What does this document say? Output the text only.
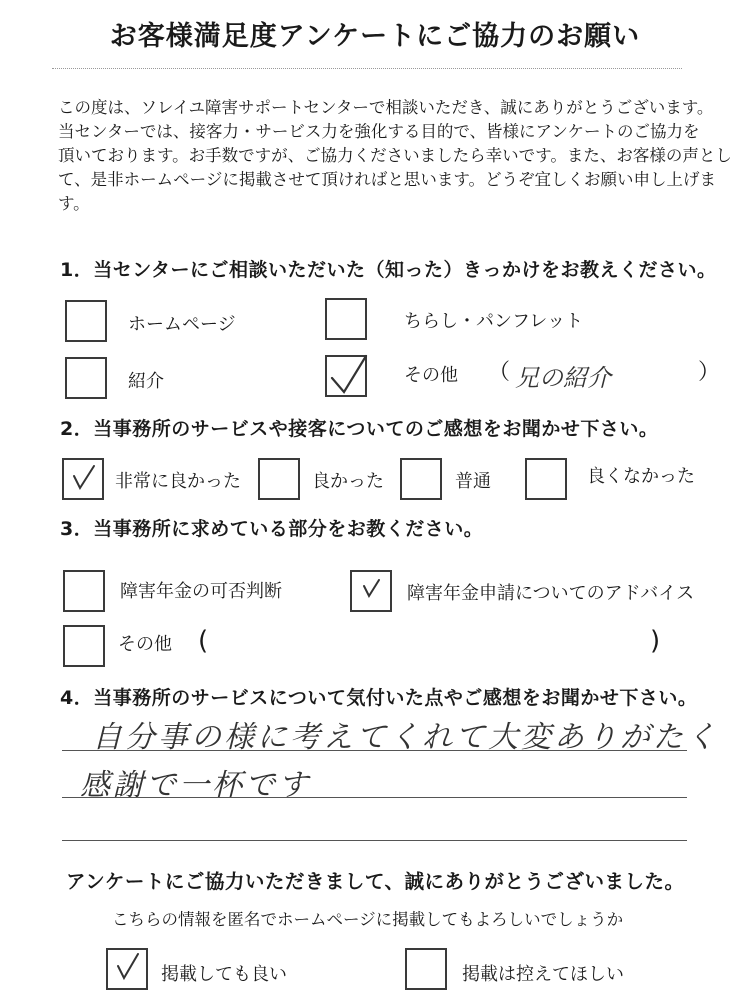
お客様満足度アンケートにご協力のお願い
この度は、ソレイユ障害サポートセンターで相談いただき、誠にありがとうございます。
当センターでは、接客力・サービス力を強化する目的で、皆様にアンケートのご協力を
頂いております。お手数ですが、ご協力くださいましたら幸いです。また、お客様の声とし
て、是非ホームページに掲載させて頂ければと思います。どうぞ宜しくお願い申し上げま
す。
1．当センターにご相談いただいた（知った）きっかけをお教えください。
ホームページ	ちらし・パンフレット
紹介	その他 （ 兄の紹介	）
2．当事務所のサービスや接客についてのご感想をお聞かせ下さい。
非常に良かった	良かった	普通	良くなかった
3．当事務所に求めている部分をお教ください。
障害年金の可否判断	障害年金申請についてのアドバイス
その他 (	)
4．当事務所のサービスについて気付いた点やご感想をお聞かせ下さい。
自分事の様に考えてくれて大変ありがたく
感謝で一杯です
アンケートにご協力いただきまして、誠にありがとうございました。
こちらの情報を匿名でホームページに掲載してもよろしいでしょうか
掲載しても良い	掲載は控えてほしい
